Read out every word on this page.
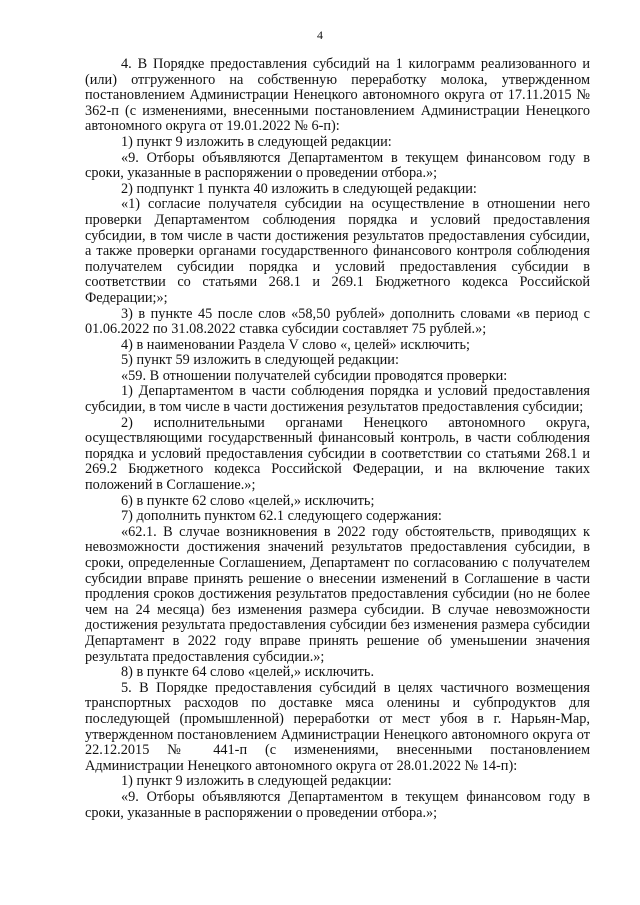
4

4. В Порядке предоставления субсидий на 1 килограмм реализованного и (или) отгруженного на собственную переработку молока, утвержденном постановлением Администрации Ненецкого автономного округа от 17.11.2015 № 362-п (с изменениями, внесенными постановлением Администрации Ненецкого автономного округа от 19.01.2022 № 6-п):

1) пункт 9 изложить в следующей редакции:

«9. Отборы объявляются Департаментом в текущем финансовом году в сроки, указанные в распоряжении о проведении отбора.»;

2) подпункт 1 пункта 40 изложить в следующей редакции:

«1) согласие получателя субсидии на осуществление в отношении него проверки Департаментом соблюдения порядка и условий предоставления субсидии, в том числе в части достижения результатов предоставления субсидии, а также проверки органами государственного финансового контроля соблюдения получателем субсидии порядка и условий предоставления субсидии в соответствии со статьями 268.1 и 269.1 Бюджетного кодекса Российской Федерации;»;

3) в пункте 45 после слов «58,50 рублей» дополнить словами «в период с 01.06.2022 по 31.08.2022 ставка субсидии составляет 75 рублей.»;

4) в наименовании Раздела V слово «, целей» исключить;

5) пункт 59 изложить в следующей редакции:

«59. В отношении получателей субсидии проводятся проверки:

1) Департаментом в части соблюдения порядка и условий предоставления субсидии, в том числе в части достижения результатов предоставления субсидии;

2) исполнительными органами Ненецкого автономного округа, осуществляющими государственный финансовый контроль, в части соблюдения порядка и условий предоставления субсидии в соответствии со статьями 268.1 и 269.2 Бюджетного кодекса Российской Федерации, и на включение таких положений в Соглашение.»;

6) в пункте 62 слово «целей,» исключить;

7) дополнить пунктом 62.1 следующего содержания:

«62.1. В случае возникновения в 2022 году обстоятельств, приводящих к невозможности достижения значений результатов предоставления субсидии, в сроки, определенные Соглашением, Департамент по согласованию с получателем субсидии вправе принять решение о внесении изменений в Соглашение в части продления сроков достижения результатов предоставления субсидии (но не более чем на 24 месяца) без изменения размера субсидии. В случае невозможности достижения результата предоставления субсидии без изменения размера субсидии Департамент в 2022 году вправе принять решение об уменьшении значения результата предоставления субсидии.»;

8) в пункте 64 слово «целей,» исключить.

5. В Порядке предоставления субсидий в целях частичного возмещения транспортных расходов по доставке мяса оленины и субпродуктов для последующей (промышленной) переработки от мест убоя в г. Нарьян-Мар, утвержденном постановлением Администрации Ненецкого автономного округа от 22.12.2015 № 441-п (с изменениями, внесенными постановлением Администрации Ненецкого автономного округа от 28.01.2022 № 14-п):

1) пункт 9 изложить в следующей редакции:

«9. Отборы объявляются Департаментом в текущем финансовом году в сроки, указанные в распоряжении о проведении отбора.»;
